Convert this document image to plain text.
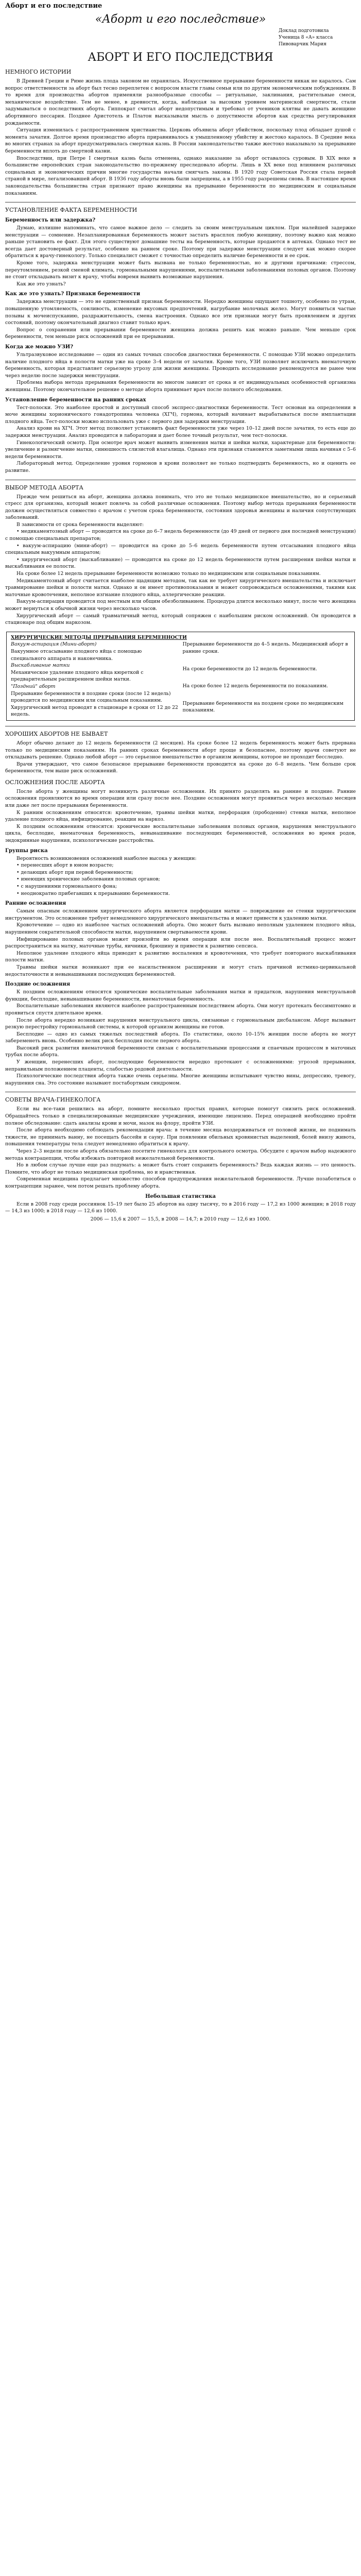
Аборт и его последствие
«Аборт и его последствие»
Доклад подготовила
Ученица 8 «А» класса
Пивоварчик Мария
АБОРТ И ЕГО ПОСЛЕДСТВИЯ
НЕМНОГО ИСТОРИИ

В Древней Греции и Риме жизнь плода законом не охранялась. Искусственное прерывание беременности никак не каралось. Сам вопрос ответственности за аборт был тесно переплетен с вопросом власти главы семьи или по другим экономическим побуждениям. В то время для производства абортов применяли разнообразные способы — ритуальные, заклинания, растительные смеси, механическое воздействие. Тем не менее, в древности, когда, наблюдая за высоким уровнем материнской смертности, стали задумываться о последствиях аборта. Гиппократ считал аборт недопустимым и требовал от учеников клятвы не давать женщине абортивного пессария. Позднее Аристотель и Платон высказывали мысль о допустимости абортов как средства регулирования рождаемости.

Ситуация изменилась с распространением христианства. Церковь объявила аборт убийством, поскольку плод обладает душой с момента зачатия. Долгое время производство аборта приравнивалось к умышленному убийству и жестоко каралось. В Средние века во многих странах за аборт предусматривалась смертная казнь. В России законодательство также жестоко наказывало за прерывание беременности вплоть до смертной казни.

Впоследствии, при Петре I смертная казнь была отменена, однако наказание за аборт оставалось суровым. В XIX веке в большинстве европейских стран законодательство по-прежнему преследовало аборты. Лишь в XX веке под влиянием различных социальных и экономических причин многие государства начали смягчать законы. В 1920 году Советская Россия стала первой страной в мире, легализовавшей аборт. В 1936 году аборты вновь были запрещены, а в 1955 году разрешены снова. В настоящее время законодательства большинства стран признают право женщины на прерывание беременности по медицинским и социальным показаниям.

УСТАНОВЛЕНИЕ ФАКТА БЕРЕМЕННОСТИ
Беременность или задержка?

Думаю, излишне напоминать, что самое важное дело — следить за своим менструальным циклом. При малейшей задержке менструации — сомнение. Незапланированная беременность может застать врасплох любую женщину, поэтому важно как можно раньше установить ее факт. Для этого существуют домашние тесты на беременность, которые продаются в аптеках. Однако тест не всегда дает достоверный результат, особенно на раннем сроке. Поэтому при задержке менструации следует как можно скорее обратиться к врачу-гинекологу. Только специалист сможет с точностью определить наличие беременности и ее срок.

Кроме того, задержка менструации может быть вызвана не только беременностью, но и другими причинами: стрессом, переутомлением, резкой сменой климата, гормональными нарушениями, воспалительными заболеваниями половых органов. Поэтому не стоит откладывать визит к врачу, чтобы вовремя выявить возможные нарушения.

Как же это узнать?

Как же это узнать? Признаки беременности

Задержка менструации — это не единственный признак беременности. Нередко женщины ощущают тошноту, особенно по утрам, повышенную утомляемость, сонливость, изменение вкусовых предпочтений, нагрубание молочных желез. Могут появиться частые позывы к мочеиспусканию, раздражительность, смена настроения. Однако все эти признаки могут быть проявлением и других состояний, поэтому окончательный диагноз ставит только врач.

Вопрос о сохранении или прерывании беременности женщина должна решить как можно раньше. Чем меньше срок беременности, тем меньше риск осложнений при ее прерывании.

Когда же можно УЗИ?

Ультразвуковое исследование — один из самых точных способов диагностики беременности. С помощью УЗИ можно определить наличие плодного яйца в полости матки уже на сроке 3–4 недели от зачатия. Кроме того, УЗИ позволяет исключить внематочную беременность, которая представляет серьезную угрозу для жизни женщины. Проводить исследование рекомендуется не ранее чем через неделю после задержки менструации.

Проблема выбора метода прерывания беременности во многом зависит от срока и от индивидуальных особенностей организма женщины. Поэтому окончательное решение о методе аборта принимает врач после полного обследования.

Установление беременности на ранних сроках

Тест-полоски. Это наиболее простой и доступный способ экспресс-диагностики беременности. Тест основан на определении в моче женщины хорионического гонадотропина человека (ХГЧ), гормона, который начинает вырабатываться после имплантации плодного яйца. Тест-полоски можно использовать уже с первого дня задержки менструации.

Анализ крови на ХГЧ. Этот метод позволяет установить факт беременности уже через 10–12 дней после зачатия, то есть еще до задержки менструации. Анализ проводится в лаборатории и дает более точный результат, чем тест-полоски.

Гинекологический осмотр. При осмотре врач может выявить изменения матки и шейки матки, характерные для беременности: увеличение и размягчение матки, синюшность слизистой влагалища. Однако эти признаки становятся заметными лишь начиная с 5–6 недели беременности.

Лабораторный метод. Определение уровня гормонов в крови позволяет не только подтвердить беременность, но и оценить ее развитие.

ВЫБОР МЕТОДА АБОРТА

Прежде чем решиться на аборт, женщина должна понимать, что это не только медицинское вмешательство, но и серьезный стресс для организма, который может повлечь за собой различные осложнения. Поэтому выбор метода прерывания беременности должен осуществляться совместно с врачом с учетом срока беременности, состояния здоровья женщины и наличия сопутствующих заболеваний.

В зависимости от срока беременности выделяют:

• медикаментозный аборт — проводится на сроке до 6–7 недель беременности (до 49 дней от первого дня последней менструации) с помощью специальных препаратов;

• вакуум-аспирацию (мини-аборт) — проводится на сроке до 5–6 недель беременности путем отсасывания плодного яйца специальным вакуумным аппаратом;

• хирургический аборт (выскабливание) — проводится на сроке до 12 недель беременности путем расширения шейки матки и выскабливания ее полости.

На сроке более 12 недель прерывание беременности возможно только по медицинским или социальным показаниям.

Медикаментозный аборт считается наиболее щадящим методом, так как не требует хирургического вмешательства и исключает травмирование шейки и полости матки. Однако и он имеет противопоказания и может сопровождаться осложнениями, такими как маточные кровотечения, неполное изгнание плодного яйца, аллергические реакции.

Вакуум-аспирация проводится под местным или общим обезболиванием. Процедура длится несколько минут, после чего женщина может вернуться к обычной жизни через несколько часов.

Хирургический аборт — самый травматичный метод, который сопряжен с наибольшим риском осложнений. Он проводится в стационаре под общим наркозом.

ХИРУРГИЧЕСКИЕ МЕТОДЫ ПРЕРЫВАНИЯ БЕРЕМЕННОСТИ

Вакуум-аспирация (Мини-аборт)

Вакуумное отсасывание плодного яйца с помощью специального аппарата и наконечника.

Выскабливание матки

Механическое удаление плодного яйца кюреткой с предварительным расширением шейки матки.

"Поздний" аборт

Прерывание беременности в поздние сроки (после 12 недель) проводится по медицинским или социальным показаниям.

Хирургический метод проводят в стационаре в сроки от 12 до 22 недель.

Прерывание беременности до 4–5 недель. Медицинский аборт в ранние сроки.

На сроке беременности до 12 недель беременности.

На сроке более 12 недель беременности по показаниям.

Прерывание беременности на позднем сроке по медицинским показаниям.

ХОРОШИХ АБОРТОВ НЕ БЫВАЕТ

Аборт обычно делают до 12 недель беременности (2 месяцев). На сроке более 12 недель беременность может быть прервана только по медицинским показаниям. На ранних сроках беременности аборт проще и безопаснее, поэтому врачи советуют не откладывать решение. Однако любой аборт — это серьезное вмешательство в организм женщины, которое не проходит бесследно.

Врачи утверждают, что самое безопасное прерывание беременности проводится на сроке до 6–8 недель. Чем больше срок беременности, тем выше риск осложнений.

ОСЛОЖНЕНИЯ ПОСЛЕ АБОРТА

После аборта у женщины могут возникнуть различные осложнения. Их принято разделять на ранние и поздние. Ранние осложнения проявляются во время операции или сразу после нее. Поздние осложнения могут проявиться через несколько месяцев или даже лет после прерывания беременности.

К ранним осложнениям относятся: кровотечение, травмы шейки матки, перфорация (прободение) стенки матки, неполное удаление плодного яйца, инфицирование, реакции на наркоз.

К поздним осложнениям относятся: хронические воспалительные заболевания половых органов, нарушения менструального цикла, бесплодие, внематочная беременность, невынашивание последующих беременностей, осложнения во время родов, эндокринные нарушения, психологические расстройства.

Группы риска

Вероятность возникновения осложнений наиболее высока у женщин:

• перенесших аборт в юном возрасте;

• делающих аборт при первой беременности;

• имеющих хронические заболевания половых органов;

• с нарушениями гормонального фона;

• неоднократно прибегавших к прерыванию беременности.

Ранние осложнения

Самым опасным осложнением хирургического аборта является перфорация матки — повреждение ее стенки хирургическим инструментом. Это осложнение требует немедленного хирургического вмешательства и может привести к удалению матки.

Кровотечение — одно из наиболее частых осложнений аборта. Оно может быть вызвано неполным удалением плодного яйца, нарушением сократительной способности матки, нарушением свертываемости крови.

Инфицирование половых органов может произойти во время операции или после нее. Воспалительный процесс может распространиться на матку, маточные трубы, яичники, брюшину и привести к развитию сепсиса.

Неполное удаление плодного яйца приводит к развитию воспаления и кровотечения, что требует повторного выскабливания полости матки.

Травмы шейки матки возникают при ее насильственном расширении и могут стать причиной истмико-цервикальной недостаточности и невынашивания последующих беременностей.

Поздние осложнения

К поздним осложнениям относятся хронические воспалительные заболевания матки и придатков, нарушения менструальной функции, бесплодие, невынашивание беременности, внематочная беременность.

Воспалительные заболевания являются наиболее распространенным последствием аборта. Они могут протекать бессимптомно и проявиться спустя длительное время.

После аборта нередко возникают нарушения менструального цикла, связанные с гормональным дисбалансом. Аборт вызывает резкую перестройку гормональной системы, к которой организм женщины не готов.

Бесплодие — одно из самых тяжелых последствий аборта. По статистике, около 10–15% женщин после аборта не могут забеременеть вновь. Особенно велик риск бесплодия после первого аборта.

Высокий риск развития внематочной беременности связан с воспалительными процессами и спаечным процессом в маточных трубах после аборта.

У женщин, перенесших аборт, последующие беременности нередко протекают с осложнениями: угрозой прерывания, неправильным положением плаценты, слабостью родовой деятельности.

Психологические последствия аборта также очень серьезны. Многие женщины испытывают чувство вины, депрессию, тревогу, нарушения сна. Это состояние называют постабортным синдромом.

СОВЕТЫ ВРАЧА-ГИНЕКОЛОГА

Если вы все-таки решились на аборт, помните несколько простых правил, которые помогут снизить риск осложнений. Обращайтесь только в специализированные медицинские учреждения, имеющие лицензию. Перед операцией необходимо пройти полное обследование: сдать анализы крови и мочи, мазок на флору, пройти УЗИ.

После аборта необходимо соблюдать рекомендации врача: в течение месяца воздерживаться от половой жизни, не поднимать тяжести, не принимать ванну, не посещать бассейн и сауну. При появлении обильных кровянистых выделений, болей внизу живота, повышения температуры тела следует немедленно обратиться к врачу.

Через 2–3 недели после аборта обязательно посетите гинеколога для контрольного осмотра. Обсудите с врачом выбор надежного метода контрацепции, чтобы избежать повторной нежелательной беременности.

Но в любом случае лучше еще раз подумать: а может быть стоит сохранить беременность? Ведь каждая жизнь — это ценность. Помните, что аборт не только медицинская проблема, но и нравственная.

Современная медицина предлагает множество способов предупреждения нежелательной беременности. Лучше позаботиться о контрацепции заранее, чем потом решать проблему аборта.

Небольшая статистика

Если в 2008 году среди россиянок 15–19 лет было 25 абортов на одну тысячу, то в 2016 году — 17,2 из 1000 женщин; в 2018 году — 14,3 из 1000; в 2018 году — 12,6 из 1000.

2006 — 15,6 к 2007 — 15,5, в 2008 — 14,7; в 2010 году — 12,6 из 1000.
